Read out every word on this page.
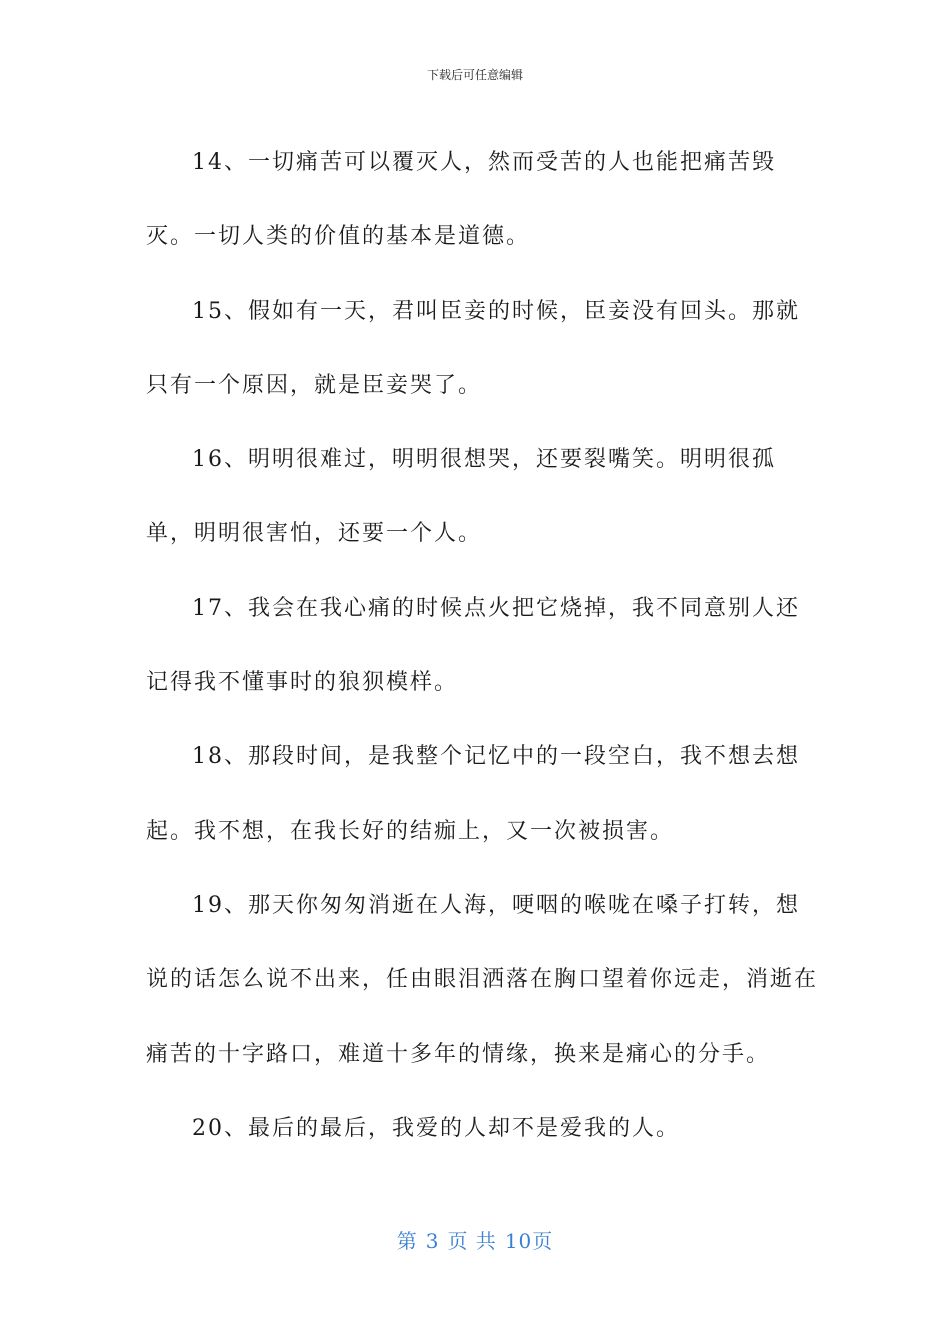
下载后可任意编辑

14、一切痛苦可以覆灭人，然而受苦的人也能把痛苦毁灭。一切人类的价值的基本是道德。

15、假如有一天，君叫臣妾的时候，臣妾没有回头。那就只有一个原因，就是臣妾哭了。

16、明明很难过，明明很想哭，还要裂嘴笑。明明很孤单，明明很害怕，还要一个人。

17、我会在我心痛的时候点火把它烧掉，我不同意别人还记得我不懂事时的狼狈模样。

18、那段时间，是我整个记忆中的一段空白，我不想去想起。我不想，在我长好的结痂上，又一次被损害。

19、那天你匆匆消逝在人海，哽咽的喉咙在嗓子打转，想说的话怎么说不出来，任由眼泪洒落在胸口望着你远走，消逝在痛苦的十字路口，难道十多年的情缘，换来是痛心的分手。

20、最后的最后，我爱的人却不是爱我的人。

第 3 页 共 10页
